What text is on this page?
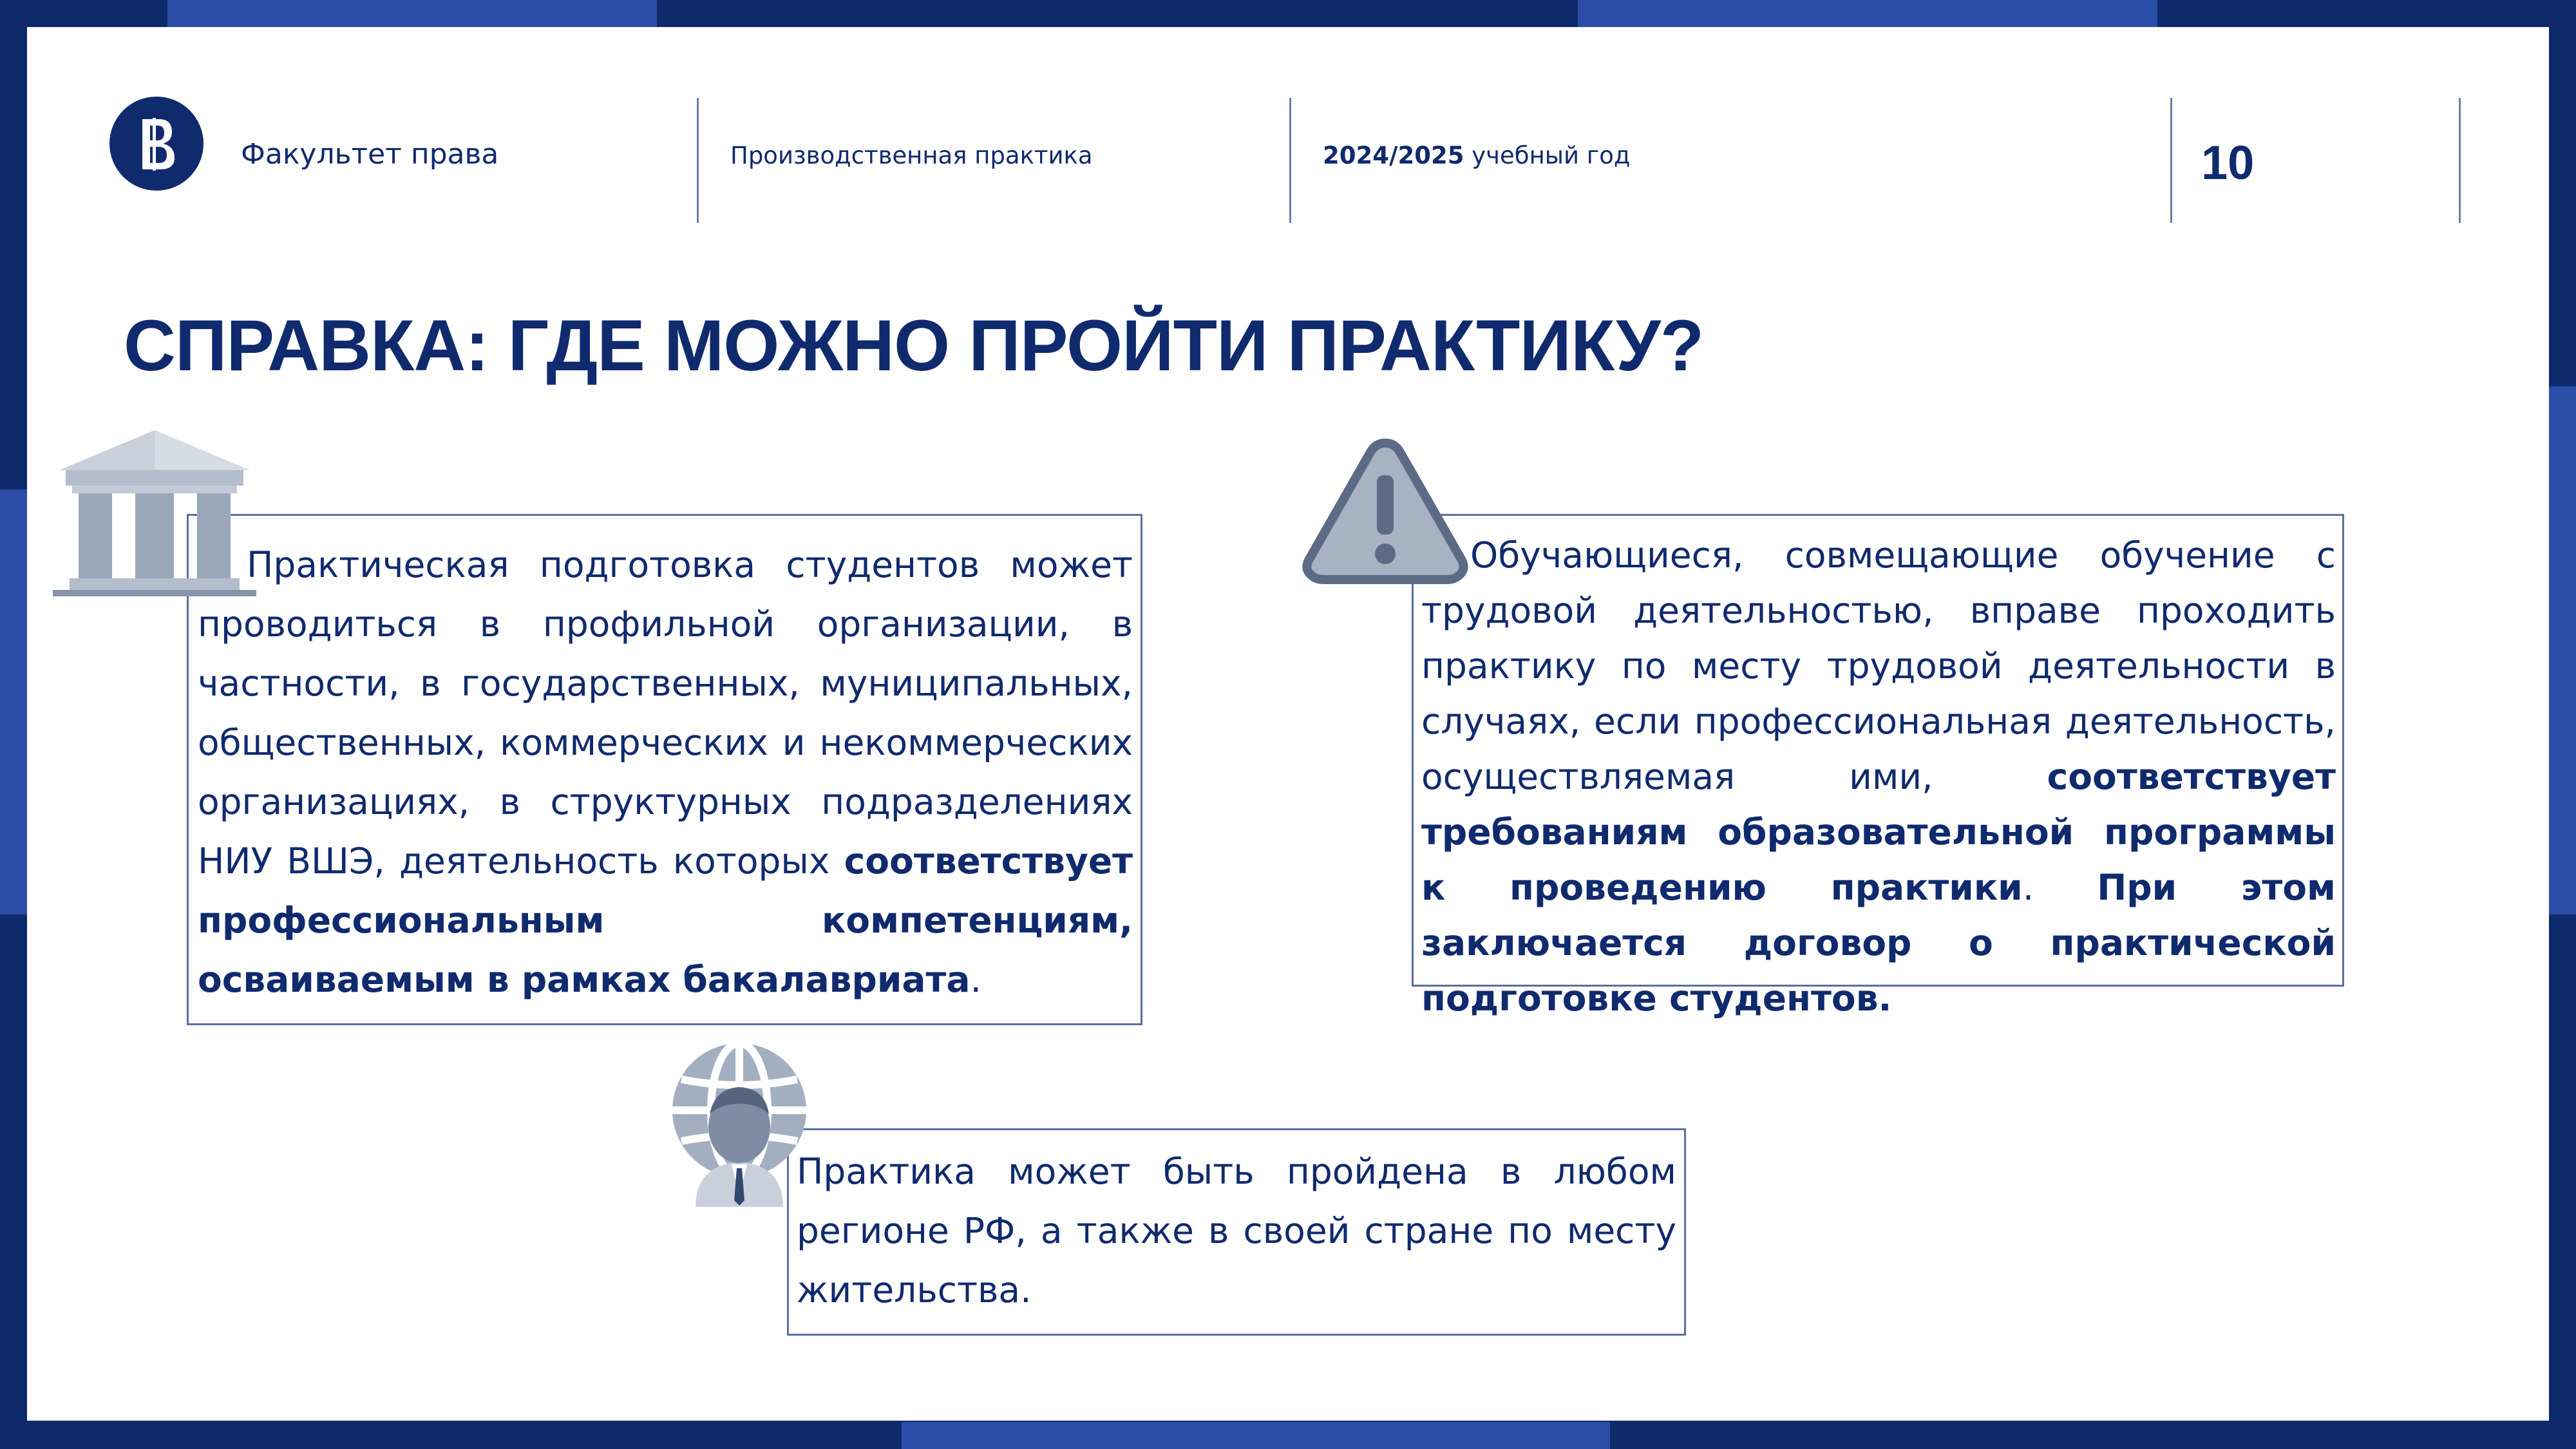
Факультет права	Производственная практика	2024/2025 учебный год	10
СПРАВКА: ГДЕ МОЖНО ПРОЙТИ ПРАКТИКУ?

Практическая подготовка студентов может проводиться в профильной организации, в частности, в государственных, муниципальных, общественных, коммерческих и некоммерческих организациях, в структурных подразделениях НИУ ВШЭ, деятельность которых соответствует профессиональным компетенциям, осваиваемым в рамках бакалавриата.

Обучающиеся, совмещающие обучение с трудовой деятельностью, вправе проходить практику по месту трудовой деятельности в случаях, если профессиональная деятельность, осуществляемая ими, соответствует требованиям образовательной программы к проведению практики. При этом заключается договор о практической подготовке студентов.

Практика может быть пройдена в любом регионе РФ, а также в своей стране по месту жительства.
